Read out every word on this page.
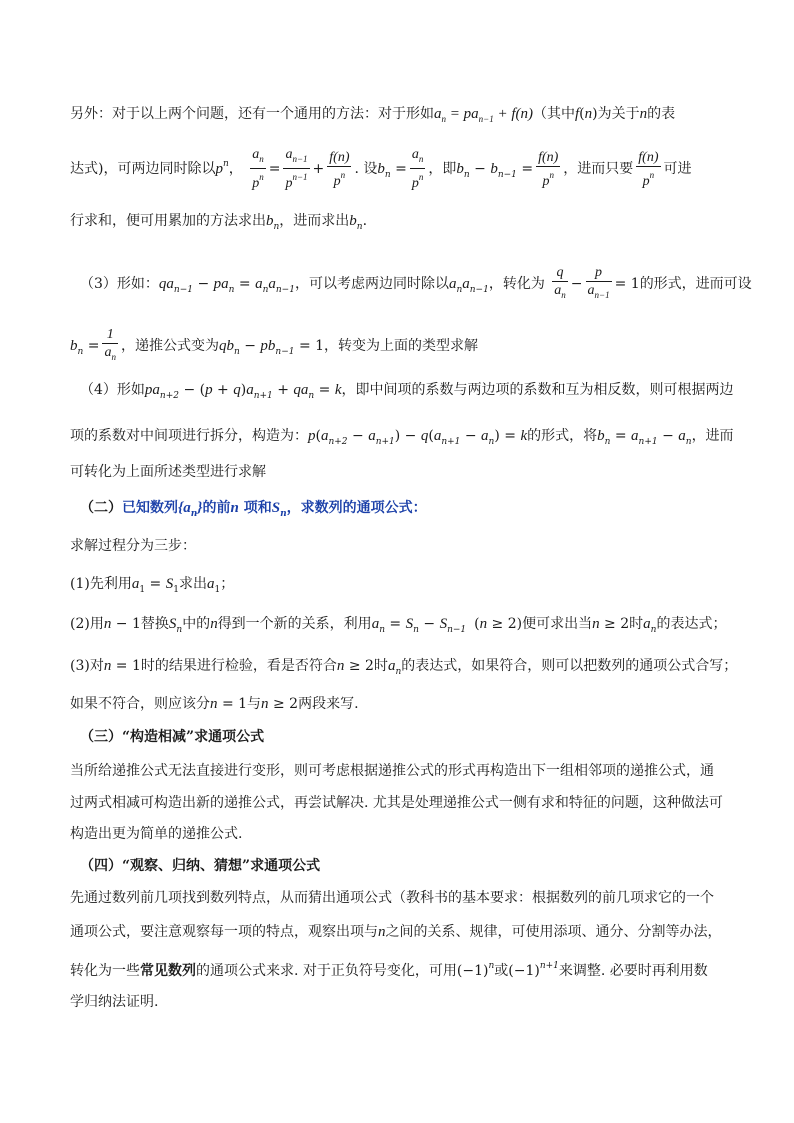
另外：对于以上两个问题，还有一个通用的方法：对于形如$a_n = pa_{n-1} + f(n)$（其中f(n)为关于n的表
达式)，可两边同时除以$p^n$， $\frac{a_n}{p^n} = \frac{a_{n-1}}{p^{n-1}} + \frac{f(n)}{p^n}$ . 设$b_n = \frac{a_n}{p^n}$ ，即$b_n - b_{n-1} = \frac{f(n)}{p^n}$ ，进而只要 $\frac{f(n)}{p^n}$ 可进
行求和，便可用累加的方法求出$b_n$，进而求出$b_n$.
（3）形如：$qa_{n-1} - pa_n = a_na_{n-1}$，可以考虑两边同时除以$a_na_{n-1}$，转化为 $\frac{q}{a_n} - \frac{p}{a_{n-1}} = 1$的形式，进而可设
$b_n = \frac{1}{a_n}$ ，递推公式变为$qb_n - pb_{n-1} = 1$，转变为上面的类型求解
（4）形如$pa_{n+2} - (p + q)a_{n+1} + qa_n = k$，即中间项的系数与两边项的系数和互为相反数，则可根据两边
项的系数对中间项进行拆分，构造为：$p(a_{n+2} - a_{n+1}) - q(a_{n+1} - a_n) = k$的形式，将$b_n = a_{n+1} - a_n$，进而
可转化为上面所述类型进行求解
（二）已知数列$\{a_n\}$的前n 项和$S_n$，求数列的通项公式：
求解过程分为三步：
(1)先利用$a_1 = S_1$求出$a_1$；
(2)用n − 1替换$S_n$中的n得到一个新的关系，利用$a_n = S_n - S_{n-1}$ (n ≥ 2)便可求出当n ≥ 2时$a_n$的表达式；
(3)对n = 1时的结果进行检验，看是否符合n ≥ 2时$a_n$的表达式，如果符合，则可以把数列的通项公式合写；
如果不符合，则应该分n = 1与n ≥ 2两段来写.
（三）“构造相减”求通项公式
当所给递推公式无法直接进行变形，则可考虑根据递推公式的形式再构造出下一组相邻项的递推公式，通
过两式相减可构造出新的递推公式，再尝试解决. 尤其是处理递推公式一侧有求和特征的问题，这种做法可
构造出更为简单的递推公式.
（四）“观察、归纳、猜想”求通项公式
先通过数列前几项找到数列特点，从而猜出通项公式（教科书的基本要求：根据数列的前几项求它的一个
通项公式，要注意观察每一项的特点，观察出项与n之间的关系、规律，可使用添项、通分、分割等办法，
转化为一些常见数列的通项公式来求. 对于正负符号变化，可用$(-1)^n$或$(-1)^{n+1}$来调整. 必要时再利用数
学归纳法证明.
